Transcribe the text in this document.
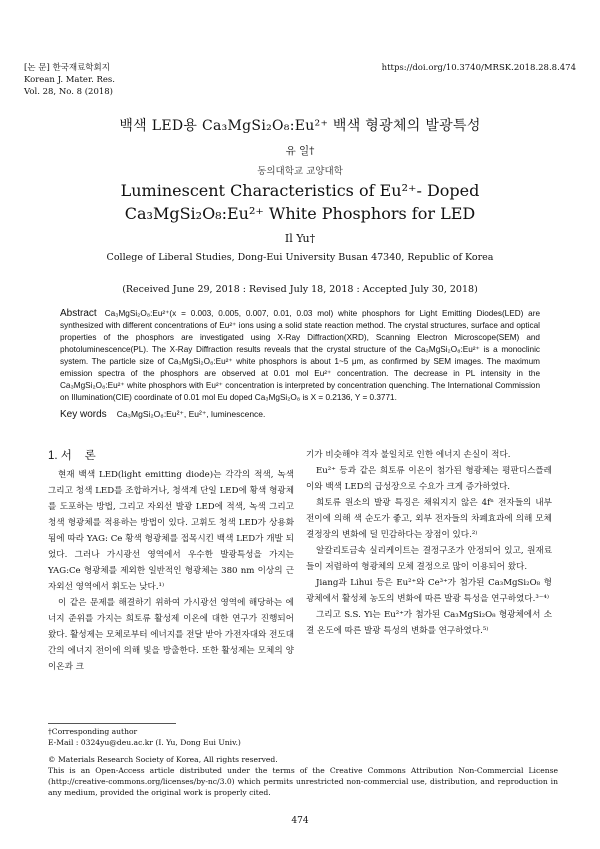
[논 문] 한국재료학회지
Korean J. Mater. Res.
Vol. 28, No. 8 (2018)
https://doi.org/10.3740/MRSK.2018.28.8.474
백색 LED용 Ca₃MgSi₂O₈:Eu²⁺ 백색 형광체의 발광특성
유 일†
동의대학교 교양대학
Luminescent Characteristics of Eu²⁺- Doped
Ca₃MgSi₂O₈:Eu²⁺ White Phosphors for LED
Il Yu†
College of Liberal Studies, Dong-Eui University Busan 47340, Republic of Korea
(Received June 29, 2018 : Revised July 18, 2018 : Accepted July 30, 2018)
Abstract Ca₃MgSi₂O₈:Eu²⁺(x = 0.003, 0.005, 0.007, 0.01, 0.03 mol) white phosphors for Light Emitting Diodes(LED) are synthesized with different concentrations of Eu²⁺ ions using a solid state reaction method. The crystal structures, surface and optical properties of the phosphors are investigated using X-Ray Diffraction(XRD), Scanning Electron Microscope(SEM) and photoluminescence(PL). The X-Ray Diffraction results reveals that the crystal structure of the Ca₃MgSi₂O₈:Eu²⁺ is a monoclinic system. The particle size of Ca₃MgSi₂O₈:Eu²⁺ white phosphors is about 1~5 μm, as confirmed by SEM images. The maximum emission spectra of the phosphors are observed at 0.01 mol Eu²⁺ concentration. The decrease in PL intensity in the Ca₃MgSi₂O₈:Eu²⁺ white phosphors with Eu²⁺ concentration is interpreted by concentration quenching. The International Commission on Illumination(CIE) coordinate of 0.01 mol Eu doped Ca₃MgSi₂O₈ is X = 0.2136, Y = 0.3771.
Key words Ca₃MgSi₂O₈:Eu²⁺, Eu²⁺, luminescence.
1. 서    론

현재 백색 LED(light emitting diode)는 각각의 적색, 녹색 그리고 청색 LED를 조합하거나, 청색계 단일 LED에 황색 형광체를 도포하는 방법, 그리고 자외선 발광 LED에 적색, 녹색 그리고 청색 형광체를 적용하는 방법이 있다. 고휘도 청색 LED가 상용화됨에 따라 YAG: Ce 황색 형광체를 접목시킨 백색 LED가 개발 되었다. 그러나 가시광선 영역에서 우수한 발광특성을 가지는 YAG:Ce 형광체를 제외한 일반적인 형광체는 380 nm 이상의 근자외선 영역에서 휘도는 낮다.¹⁾

이 같은 문제를 해결하기 위하여 가시광선 영역에 해당하는 에너지 준위를 가지는 희토류 활성제 이온에 대한 연구가 진행되어 왔다. 활성제는 모체로부터 에너지를 전달 받아 가전자대와 전도대간의 에너지 전이에 의해 빛을 방출한다. 또한 활성제는 모체의 양이온과 크

기가 비슷해야 격자 불일치로 인한 에너지 손실이 적다.

Eu²⁺ 등과 같은 희토류 이온이 첨가된 형광체는 평판디스플레이와 백색 LED의 급성장으로 수요가 크게 증가하였다.

희토류 원소의 발광 특징은 채워지지 않은 4fⁿ 전자들의 내부 전이에 의해 색 순도가 좋고, 외부 전자들의 차폐효과에 의해 모체 결정장의 변화에 덜 민감하다는 장점이 있다.²⁾

알칼리토금속 실리케이트는 결정구조가 안정되어 있고, 원재료들이 저렴하여 형광체의 모체 결정으로 많이 이용되어 왔다.

Jiang과 Lihui 등은 Eu²⁺와 Ce³⁺가 첨가된 Ca₃MgSi₂O₈ 형광체에서 활성체 농도의 변화에 따른 발광 특성을 연구하였다.³⁻⁴⁾

그리고 S.S. Yi는 Eu²⁺가 첨가된 Ca₃MgSi₂O₈ 형광체에서 소결 온도에 따른 발광 특성의 변화를 연구하였다.⁵⁾

†Corresponding author
E-Mail : 0324yu@deu.ac.kr (I. Yu, Dong Eui Univ.)
© Materials Research Society of Korea, All rights reserved.
This is an Open-Access article distributed under the terms of the Creative Commons Attribution Non-Commercial License (http://creative-commons.org/licenses/by-nc/3.0) which permits unrestricted non-commercial use, distribution, and reproduction in any medium, provided the original work is properly cited.
474
